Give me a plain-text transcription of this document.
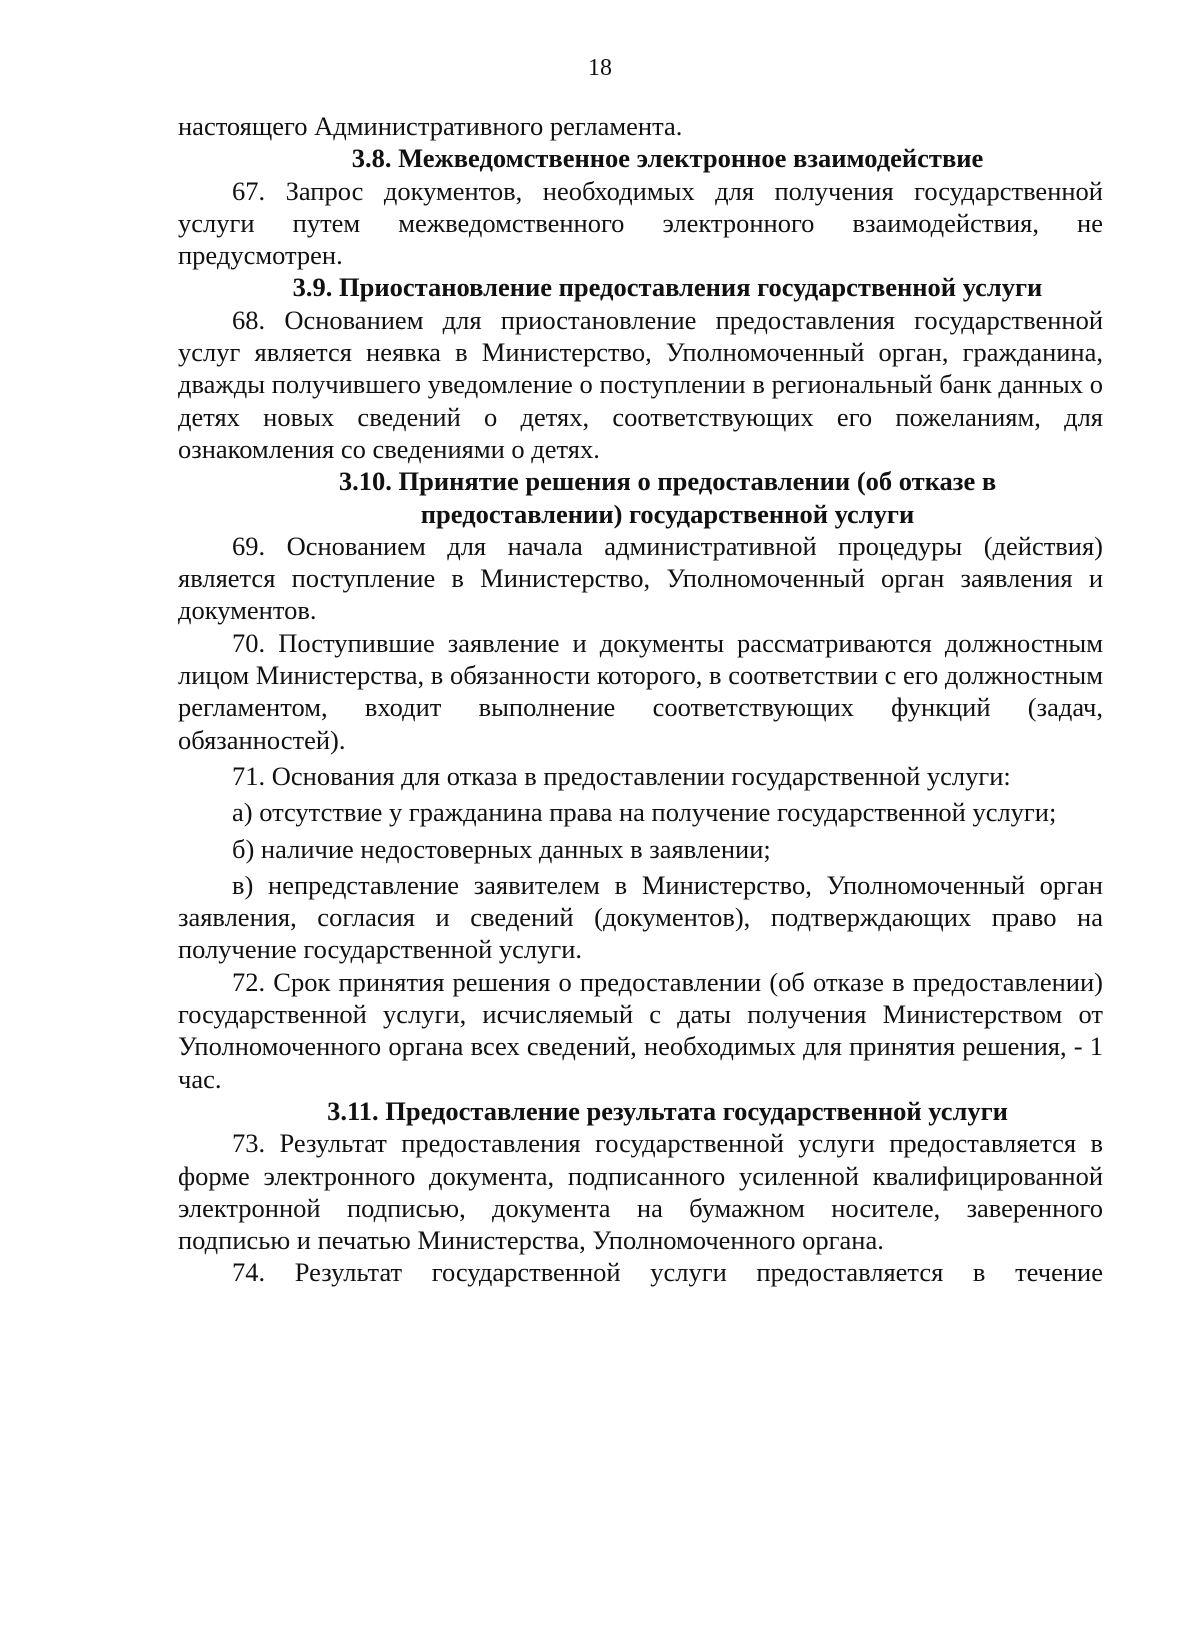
18

настоящего Административного регламента.

3.8. Межведомственное электронное взаимодействие

67. Запрос документов, необходимых для получения государственной услуги путем межведомственного электронного взаимодействия, не предусмотрен.

3.9. Приостановление предоставления государственной услуги

68. Основанием для приостановление предоставления государственной услуг является неявка в Министерство, Уполномоченный орган, гражданина, дважды получившего уведомление о поступлении в региональный банк данных о детях новых сведений о детях, соответствующих его пожеланиям, для ознакомления со сведениями о детях.

3.10. Принятие решения о предоставлении (об отказе в
предоставлении) государственной услуги

69. Основанием для начала административной процедуры (действия) является поступление в Министерство, Уполномоченный орган заявления и документов.

70. Поступившие заявление и документы рассматриваются должностным лицом Министерства, в обязанности которого, в соответствии с его должностным регламентом, входит выполнение соответствующих функций (задач, обязанностей).

71. Основания для отказа в предоставлении государственной услуги:

а) отсутствие у гражданина права на получение государственной услуги;

б) наличие недостоверных данных в заявлении;

в) непредставление заявителем в Министерство, Уполномоченный орган заявления, согласия и сведений (документов), подтверждающих право на получение государственной услуги.

72. Срок принятия решения о предоставлении (об отказе в предоставлении) государственной услуги, исчисляемый с даты получения Министерством от Уполномоченного органа всех сведений, необходимых для принятия решения, - 1 час.

3.11. Предоставление результата государственной услуги

73. Результат предоставления государственной услуги предоставляется в форме электронного документа, подписанного усиленной квалифицированной электронной подписью, документа на бумажном носителе, заверенного подписью и печатью Министерства, Уполномоченного органа.

74. Результат государственной услуги предоставляется в течение
